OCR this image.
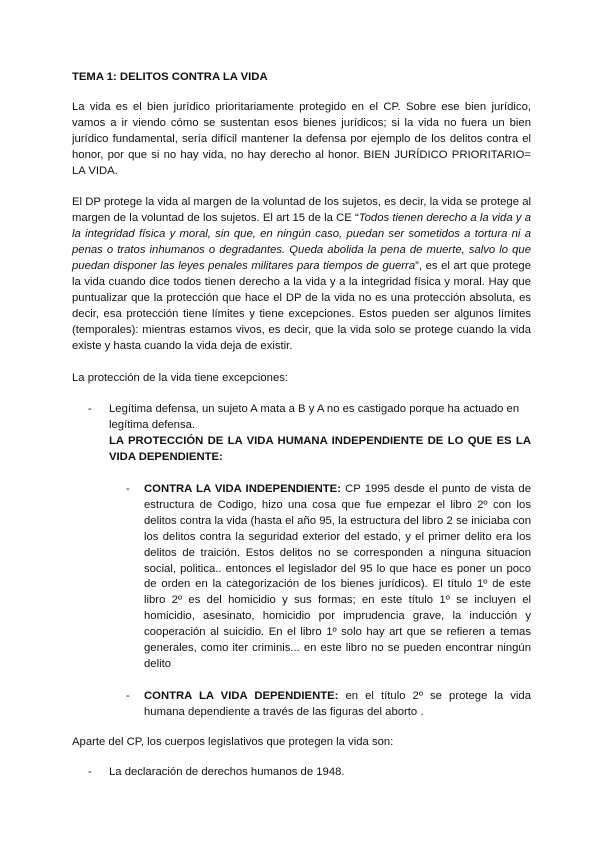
TEMA 1: DELITOS CONTRA LA VIDA

La vida es el bien jurídico prioritariamente protegido en el CP. Sobre ese bien jurídico, vamos a ir viendo cómo se sustentan esos bienes jurídicos; si la vida no fuera un bien jurídico fundamental, sería difícil mantener la defensa por ejemplo de los delitos contra el honor, por que si no hay vida, no hay derecho al honor. BIEN JURÍDICO PRIORITARIO= LA VIDA.

El DP protege la vida al margen de la voluntad de los sujetos, es decir, la vida se protege al margen de la voluntad de los sujetos. El art 15 de la CE “Todos tienen derecho a la vida y a la integridad física y moral, sin que, en ningún caso, puedan ser sometidos a tortura ni a penas o tratos inhumanos o degradantes. Queda abolida la pena de muerte, salvo lo que puedan disponer las leyes penales militares para tiempos de guerra”, es el art que protege la vida cuando dice todos tienen derecho a la vida y a la integridad física y moral. Hay que puntualizar que la protección que hace el DP de la vida no es una protección absoluta, es decir, esa protección tiene límites y tiene excepciones. Estos pueden ser algunos límites (temporales): mientras estamos vivos, es decir, que la vida solo se protege cuando la vida existe y hasta cuando la vida deja de existir.

La protección de la vida tiene excepciones:

- Legítima defensa, un sujeto A mata a B y A no es castigado porque ha actuado en legítima defensa.

LA PROTECCIÓN DE LA VIDA HUMANA INDEPENDIENTE DE LO QUE ES LA VIDA DEPENDIENTE:

- CONTRA LA VIDA INDEPENDIENTE: CP 1995 desde el punto de vista de estructura de Codigo, hizo una cosa que fue empezar el libro 2º con los delitos contra la vida (hasta el año 95, la estructura del libro 2 se iniciaba con los delitos contra la seguridad exterior del estado, y el primer delito era los delitos de traición. Estos delitos no se corresponden a ninguna situacion social, politica.. entonces el legislador del 95 lo que hace es poner un poco de orden en la categorización de los bienes jurídicos). El título 1º de este libro 2º es del homicidio y sus formas; en este título 1º se incluyen el homicidio, asesinato, homicidio por imprudencia grave, la inducción y cooperación al suicidio. En el libro 1º solo hay art que se refieren a temas generales, como iter criminis... en este libro no se pueden encontrar ningún delito
- CONTRA LA VIDA DEPENDIENTE: en el título 2º se protege la vida humana dependiente a través de las figuras del aborto .

Aparte del CP, los cuerpos legislativos que protegen la vida son:

- La declaración de derechos humanos de 1948.
